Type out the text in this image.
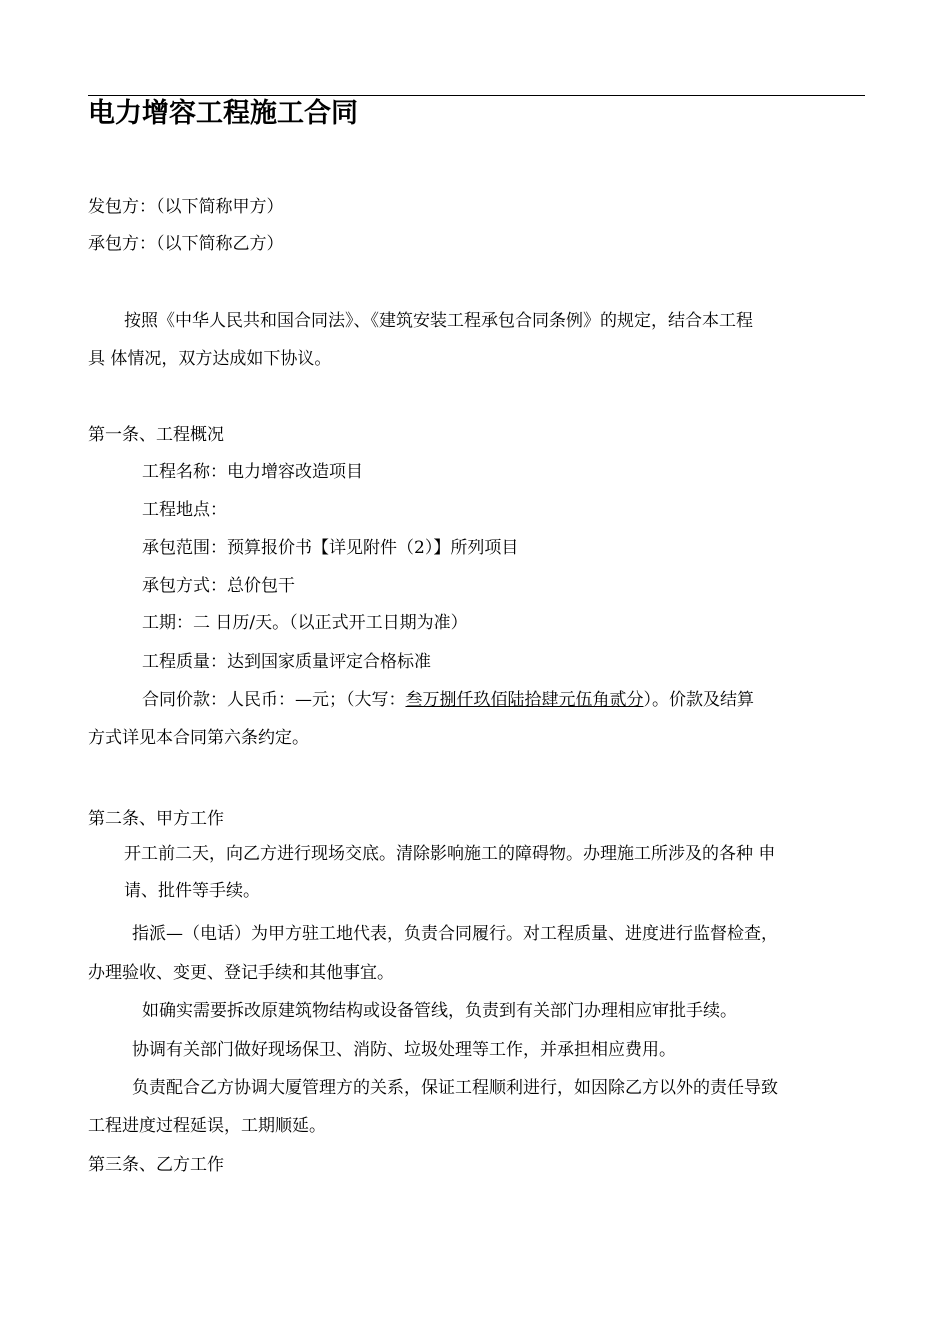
电力增容工程施工合同
发包方：（以下简称甲方）
承包方：（以下简称乙方）
按照《中华人民共和国合同法》、《建筑安装工程承包合同条例》的规定，结合本工程
具 体情况，双方达成如下协议。
第一条、工程概况
工程名称：电力增容改造项目
工程地点：
承包范围：预算报价书【详见附件（2）】所列项目
承包方式：总价包干
工期：二 日历/天。（以正式开工日期为准）
工程质量：达到国家质量评定合格标准
合同价款：人民币：—元；（大写：叁万捌仟玖佰陆拾肆元伍角贰分）。价款及结算
方式详见本合同第六条约定。
第二条、甲方工作
开工前二天，向乙方进行现场交底。清除影响施工的障碍物。办理施工所涉及的各种 申
请、批件等手续。
指派—（电话）为甲方驻工地代表，负责合同履行。对工程质量、进度进行监督检查，
办理验收、变更、登记手续和其他事宜。
如确实需要拆改原建筑物结构或设备管线，负责到有关部门办理相应审批手续。
协调有关部门做好现场保卫、消防、垃圾处理等工作，并承担相应费用。
负责配合乙方协调大厦管理方的关系，保证工程顺利进行，如因除乙方以外的责任导致
工程进度过程延误，工期顺延。
第三条、乙方工作
